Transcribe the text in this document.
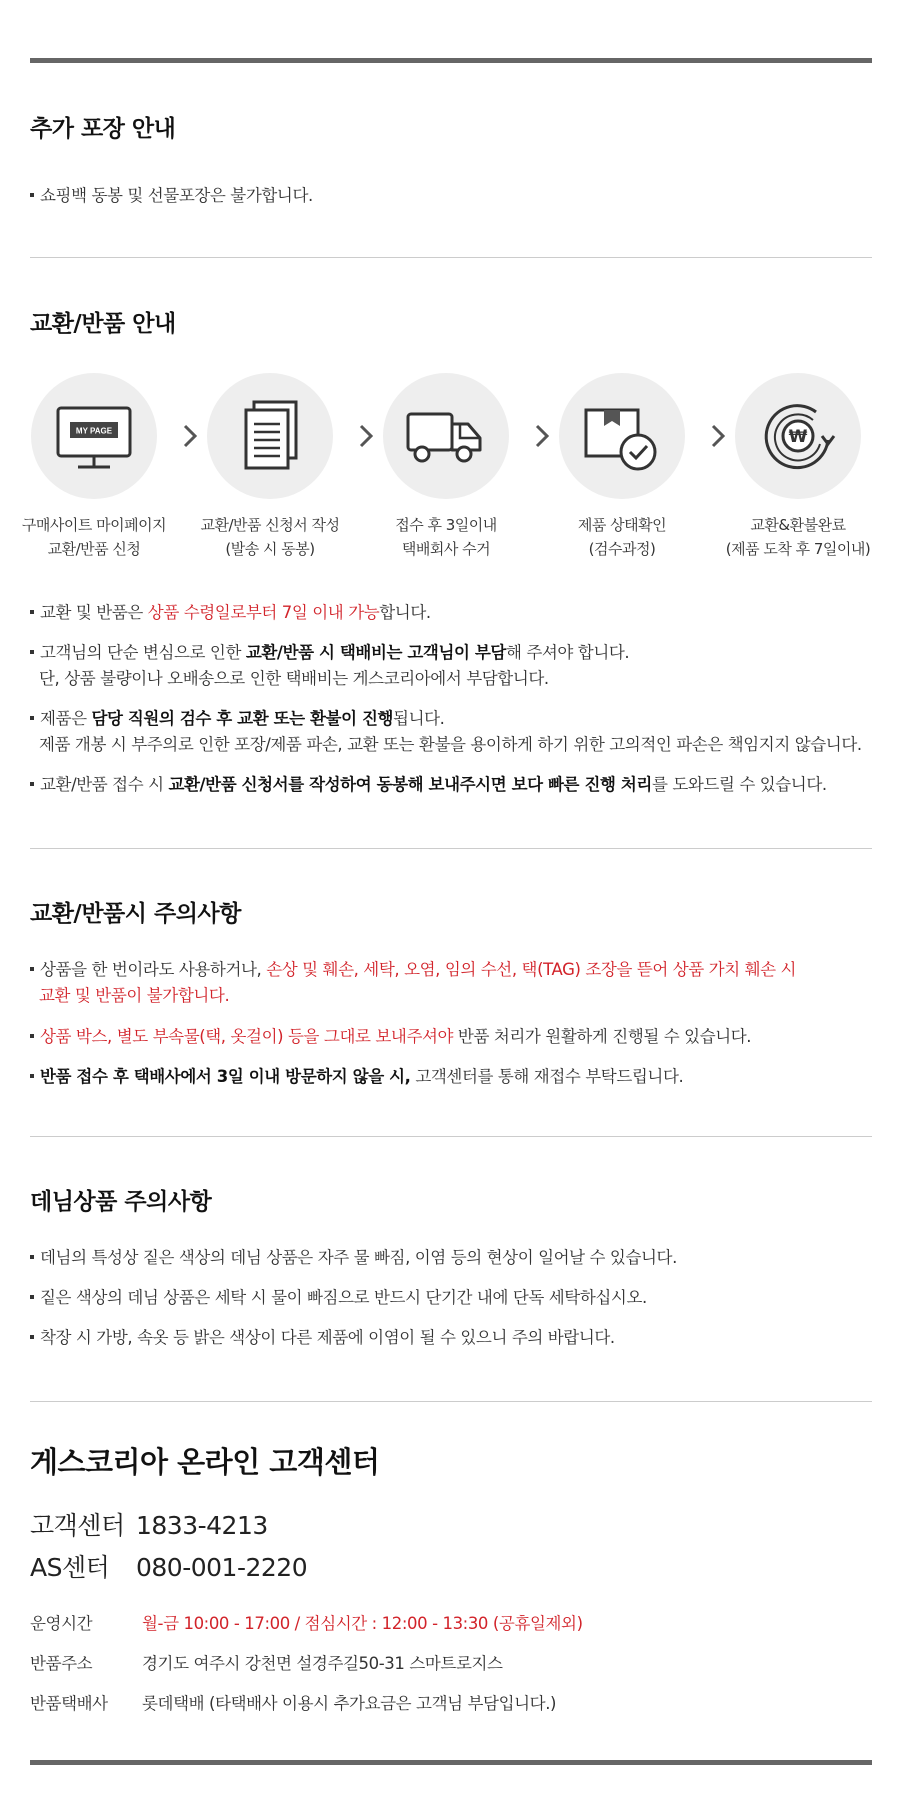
추가 포장 안내
쇼핑백 동봉 및 선물포장은 불가합니다.
교환/반품 안내
MY PAGE
구매사이트 마이페이지
교환/반품 신청
교환/반품 신청서 작성
(발송 시 동봉)
접수 후 3일이내
택배회사 수거
제품 상태확인
(검수과정)
₩
교환&환불완료
(제품 도착 후 7일이내)
교환 및 반품은 상품 수령일로부터 7일 이내 가능합니다.
고객님의 단순 변심으로 인한 교환/반품 시 택배비는 고객님이 부담해 주셔야 합니다.
단, 상품 불량이나 오배송으로 인한 택배비는 게스코리아에서 부담합니다.
제품은 담당 직원의 검수 후 교환 또는 환불이 진행됩니다.
제품 개봉 시 부주의로 인한 포장/제품 파손, 교환 또는 환불을 용이하게 하기 위한 고의적인 파손은 책임지지 않습니다.
교환/반품 접수 시 교환/반품 신청서를 작성하여 동봉해 보내주시면 보다 빠른 진행 처리를 도와드릴 수 있습니다.
교환/반품시 주의사항
상품을 한 번이라도 사용하거나, 손상 및 훼손, 세탁, 오염, 임의 수선, 택(TAG) 조장을 뜯어 상품 가치 훼손 시
교환 및 반품이 불가합니다.
상품 박스, 별도 부속물(택, 옷걸이) 등을 그대로 보내주셔야 반품 처리가 원활하게 진행될 수 있습니다.
반품 접수 후 택배사에서 3일 이내 방문하지 않을 시, 고객센터를 통해 재접수 부탁드립니다.
데님상품 주의사항
데님의 특성상 짙은 색상의 데님 상품은 자주 물 빠짐, 이염 등의 현상이 일어날 수 있습니다.
짙은 색상의 데님 상품은 세탁 시 물이 빠짐으로 반드시 단기간 내에 단독 세탁하십시오.
착장 시 가방, 속옷 등 밝은 색상이 다른 제품에 이염이 될 수 있으니 주의 바랍니다.
게스코리아 온라인 고객센터
고객센터 1833-4213
AS센터 080-001-2220
운영시간	월-금 10:00 - 17:00 / 점심시간 : 12:00 - 13:30 (공휴일제외)
반품주소	경기도 여주시 강천면 설경주길50-31 스마트로지스
반품택배사 롯데택배 (타택배사 이용시 추가요금은 고객님 부담입니다.)
